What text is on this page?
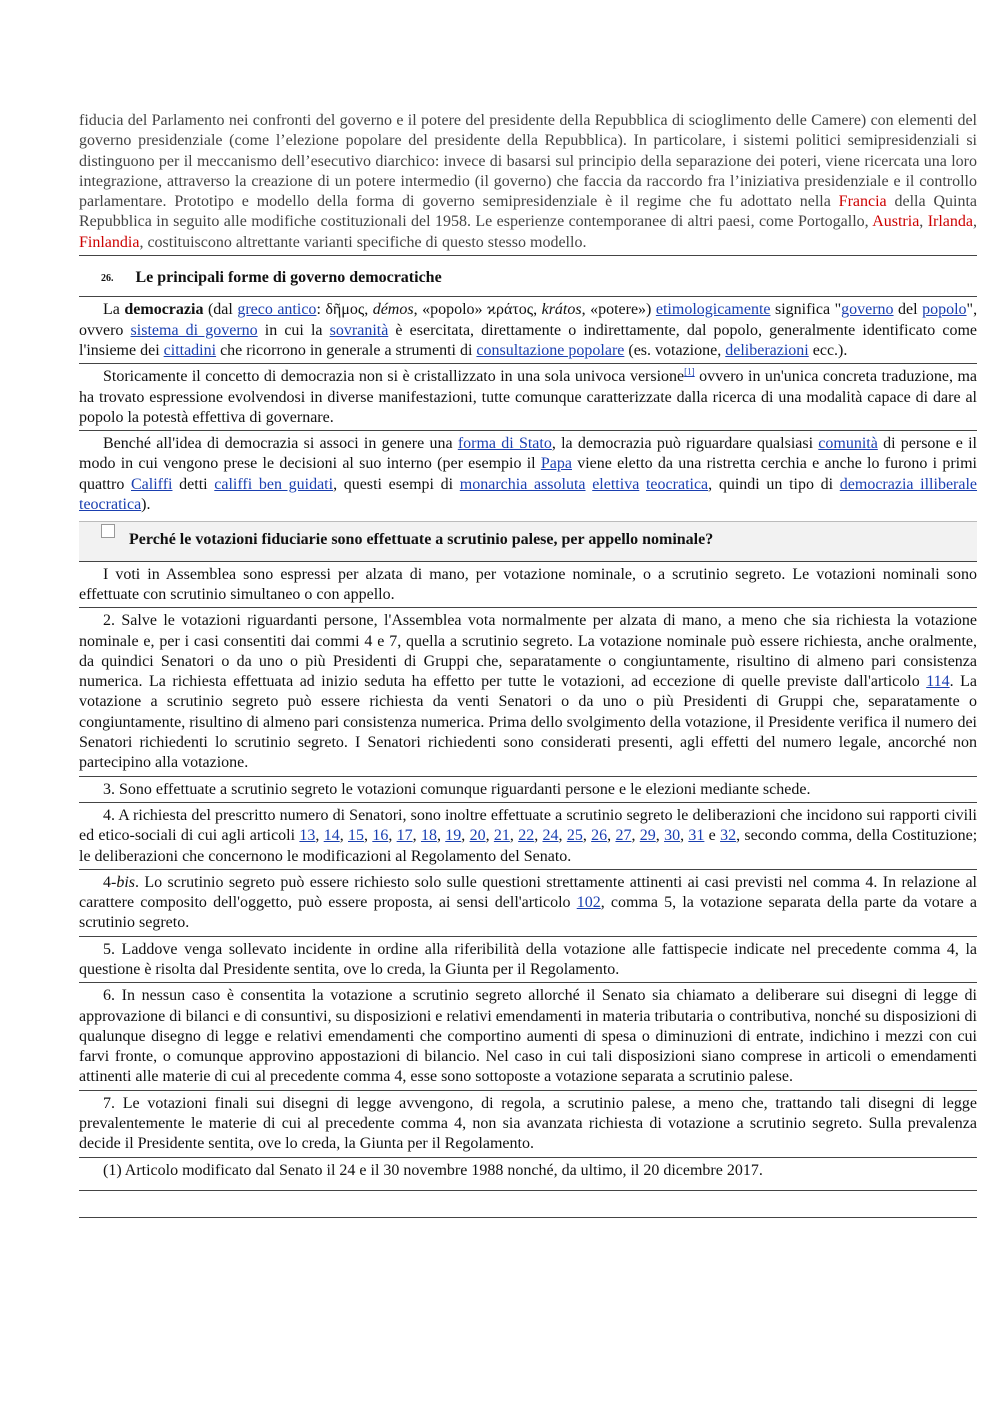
fiducia del Parlamento nei confronti del governo e il potere del presidente della Repubblica di scioglimento delle Camere) con elementi del governo presidenziale (come l’elezione popolare del presidente della Repubblica). In particolare, i sistemi politici semipresidenziali si distinguono per il meccanismo dell’esecutivo diarchico: invece di basarsi sul principio della separazione dei poteri, viene ricercata una loro integrazione, attraverso la creazione di un potere intermedio (il governo) che faccia da raccordo fra l’iniziativa presidenziale e il controllo parlamentare. Prototipo e modello della forma di governo semipresidenziale è il regime che fu adottato nella Francia della Quinta Repubblica in seguito alle modifiche costituzionali del 1958. Le esperienze contemporanee di altri paesi, come Portogallo, Austria, Irlanda, Finlandia, costituiscono altrettante varianti specifiche di questo stesso modello.

26. Le principali forme di governo democratiche

La democrazia (dal greco antico: δῆμος, démos, «popolo» ϰράτος, krátos, «potere») etimologicamente significa "governo del popolo", ovvero sistema di governo in cui la sovranità è esercitata, direttamente o indirettamente, dal popolo, generalmente identificato come l'insieme dei cittadini che ricorrono in generale a strumenti di consultazione popolare (es. votazione, deliberazioni ecc.).

Storicamente il concetto di democrazia non si è cristallizzato in una sola univoca versione[1] ovvero in un'unica concreta traduzione, ma ha trovato espressione evolvendosi in diverse manifestazioni, tutte comunque caratterizzate dalla ricerca di una modalità capace di dare al popolo la potestà effettiva di governare.

Benché all'idea di democrazia si associ in genere una forma di Stato, la democrazia può riguardare qualsiasi comunità di persone e il modo in cui vengono prese le decisioni al suo interno (per esempio il Papa viene eletto da una ristretta cerchia e anche lo furono i primi quattro Califfi detti califfi ben guidati, questi esempi di monarchia assoluta elettiva teocratica, quindi un tipo di democrazia illiberale teocratica).

Perché le votazioni fiduciarie sono effettuate a scrutinio palese, per appello nominale?

I voti in Assemblea sono espressi per alzata di mano, per votazione nominale, o a scrutinio segreto. Le votazioni nominali sono effettuate con scrutinio simultaneo o con appello.

2. Salve le votazioni riguardanti persone, l'Assemblea vota normalmente per alzata di mano, a meno che sia richiesta la votazione nominale e, per i casi consentiti dai commi 4 e 7, quella a scrutinio segreto. La votazione nominale può essere richiesta, anche oralmente, da quindici Senatori o da uno o più Presidenti di Gruppi che, separatamente o congiuntamente, risultino di almeno pari consistenza numerica. La richiesta effettuata ad inizio seduta ha effetto per tutte le votazioni, ad eccezione di quelle previste dall'articolo 114. La votazione a scrutinio segreto può essere richiesta da venti Senatori o da uno o più Presidenti di Gruppi che, separatamente o congiuntamente, risultino di almeno pari consistenza numerica. Prima dello svolgimento della votazione, il Presidente verifica il numero dei Senatori richiedenti lo scrutinio segreto. I Senatori richiedenti sono considerati presenti, agli effetti del numero legale, ancorché non partecipino alla votazione.

3. Sono effettuate a scrutinio segreto le votazioni comunque riguardanti persone e le elezioni mediante schede.

4. A richiesta del prescritto numero di Senatori, sono inoltre effettuate a scrutinio segreto le deliberazioni che incidono sui rapporti civili ed etico-sociali di cui agli articoli 13, 14, 15, 16, 17, 18, 19, 20, 21, 22, 24, 25, 26, 27, 29, 30, 31 e 32, secondo comma, della Costituzione; le deliberazioni che concernono le modificazioni al Regolamento del Senato.

4-bis. Lo scrutinio segreto può essere richiesto solo sulle questioni strettamente attinenti ai casi previsti nel comma 4. In relazione al carattere composito dell'oggetto, può essere proposta, ai sensi dell'articolo 102, comma 5, la votazione separata della parte da votare a scrutinio segreto.

5. Laddove venga sollevato incidente in ordine alla riferibilità della votazione alle fattispecie indicate nel precedente comma 4, la questione è risolta dal Presidente sentita, ove lo creda, la Giunta per il Regolamento.

6. In nessun caso è consentita la votazione a scrutinio segreto allorché il Senato sia chiamato a deliberare sui disegni di legge di approvazione di bilanci e di consuntivi, su disposizioni e relativi emendamenti in materia tributaria o contributiva, nonché su disposizioni di qualunque disegno di legge e relativi emendamenti che comportino aumenti di spesa o diminuzioni di entrate, indichino i mezzi con cui farvi fronte, o comunque approvino appostazioni di bilancio. Nel caso in cui tali disposizioni siano comprese in articoli o emendamenti attinenti alle materie di cui al precedente comma 4, esse sono sottoposte a votazione separata a scrutinio palese.

7. Le votazioni finali sui disegni di legge avvengono, di regola, a scrutinio palese, a meno che, trattando tali disegni di legge prevalentemente le materie di cui al precedente comma 4, non sia avanzata richiesta di votazione a scrutinio segreto. Sulla prevalenza decide il Presidente sentita, ove lo creda, la Giunta per il Regolamento.

(1) Articolo modificato dal Senato il 24 e il 30 novembre 1988 nonché, da ultimo, il 20 dicembre 2017.
